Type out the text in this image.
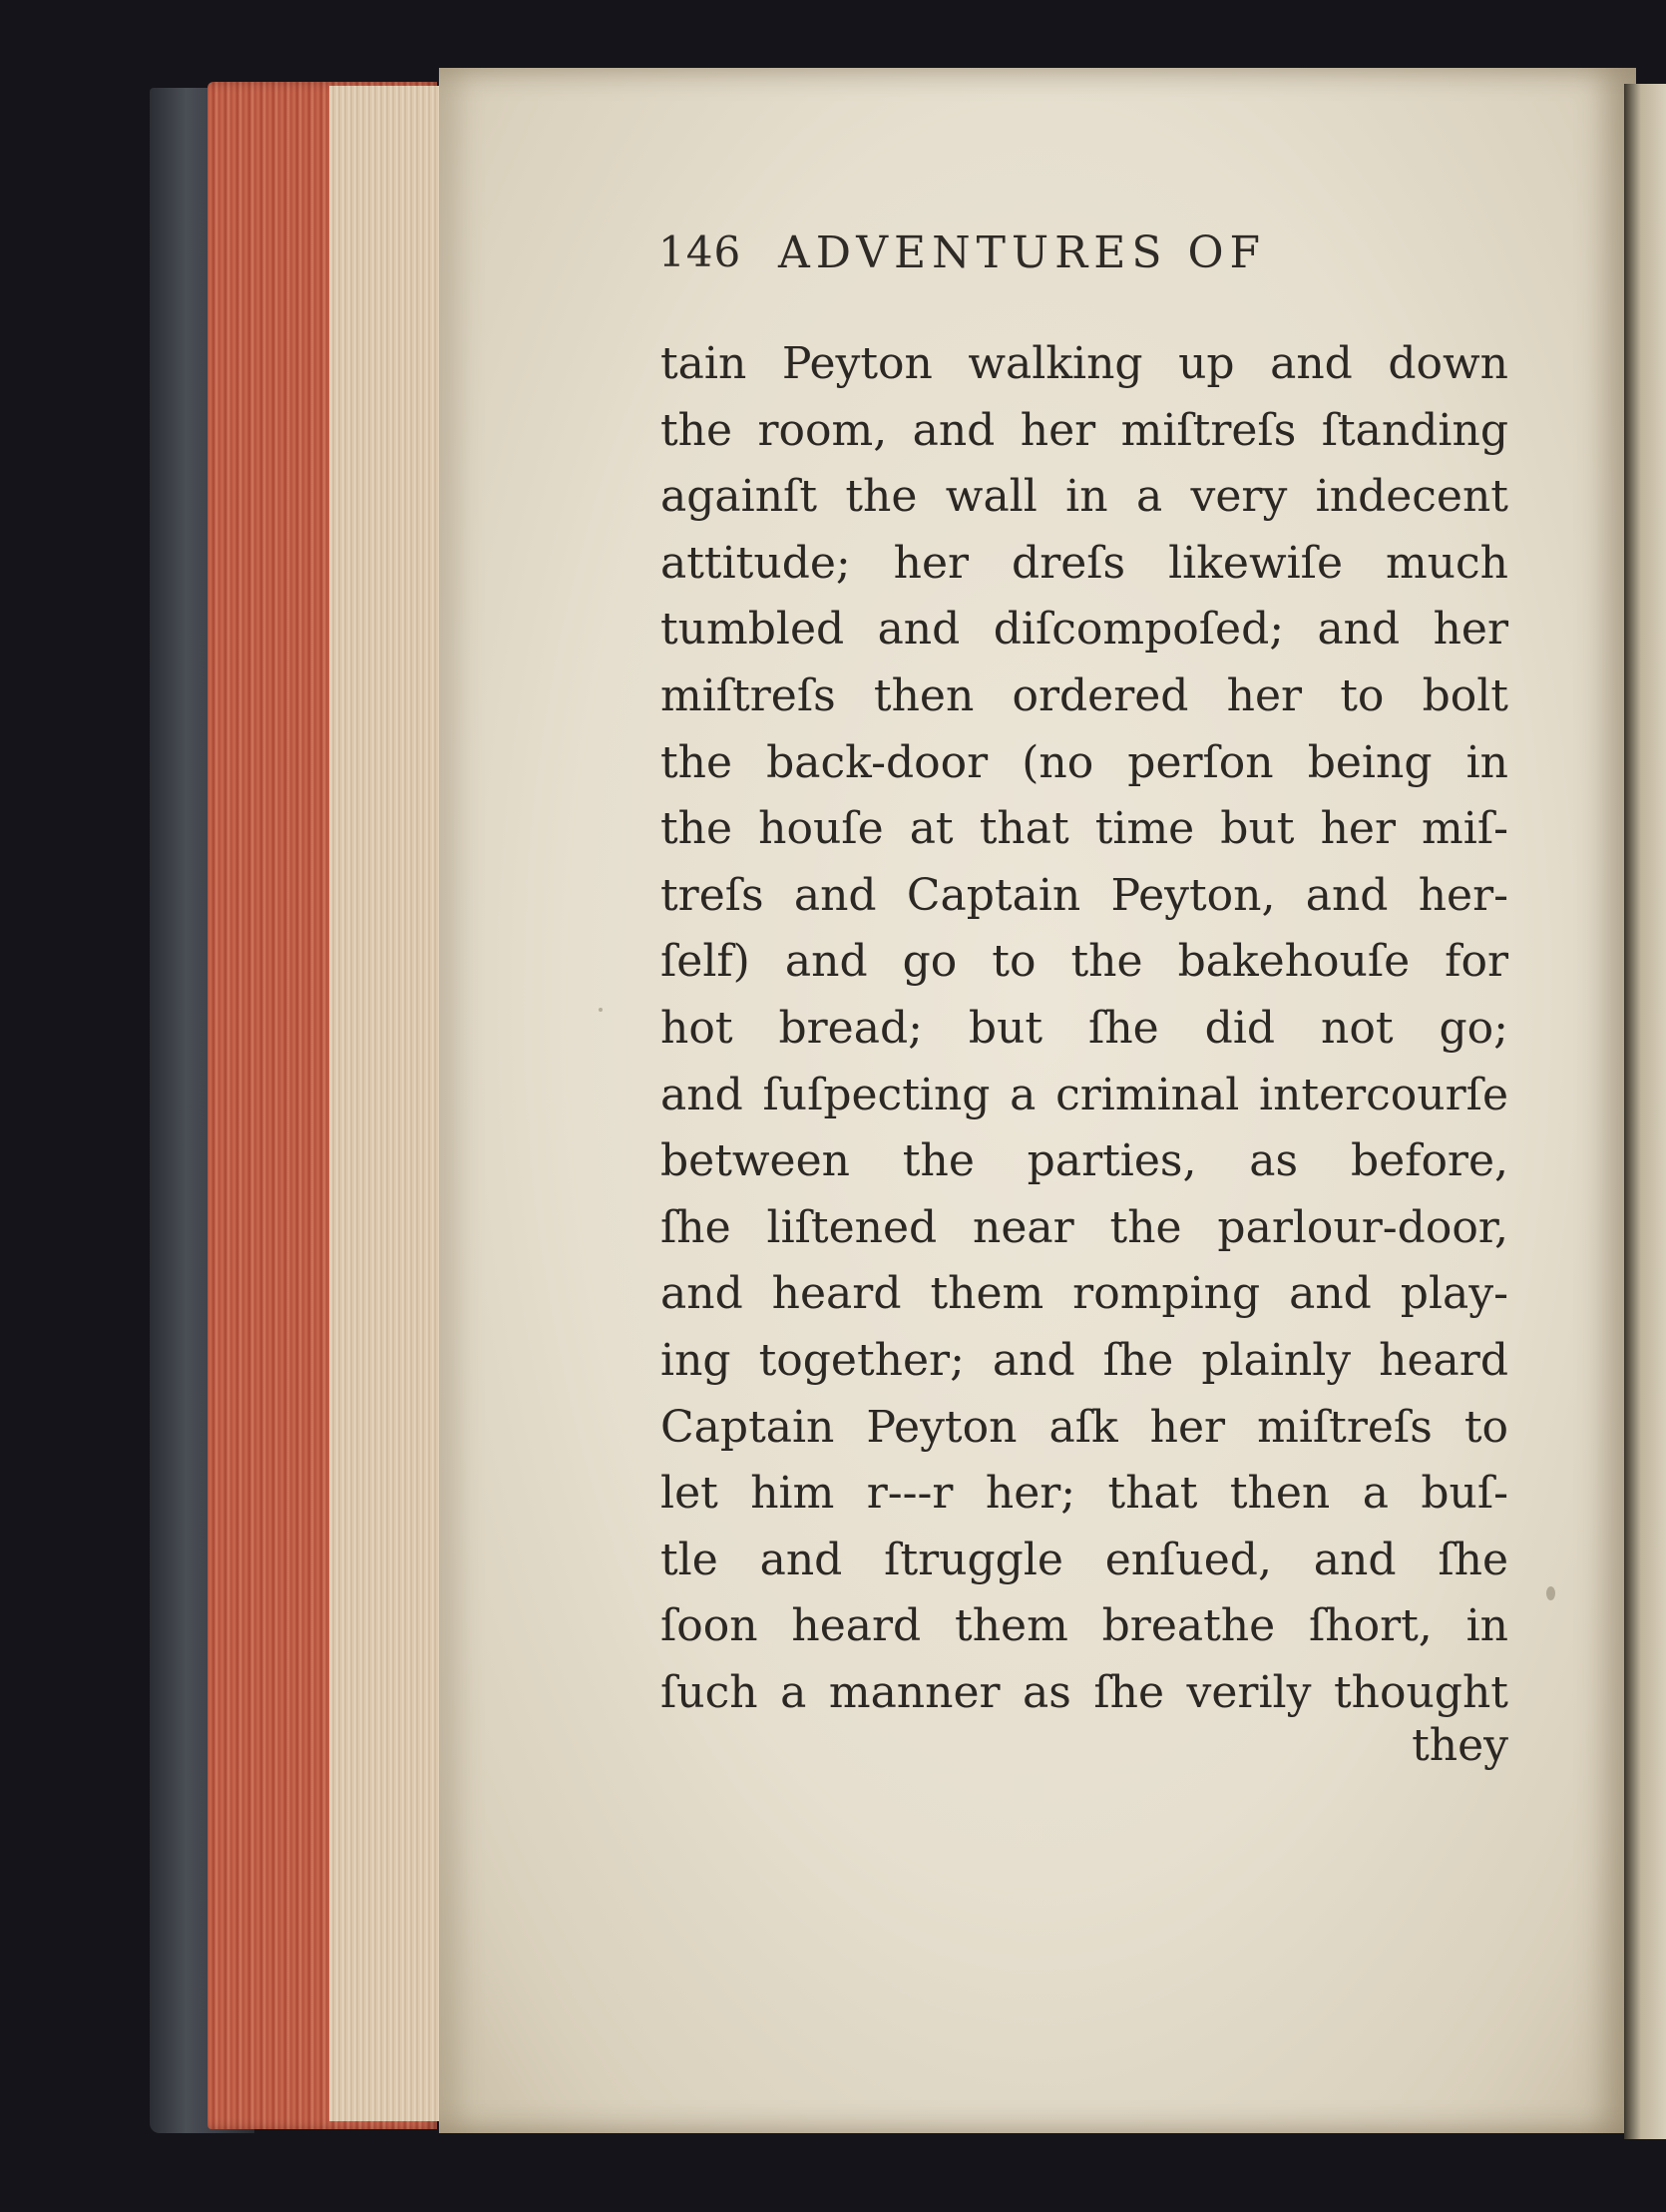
146 ADVENTURES OF
tain Peyton walking up and down
the room, and her miſtreſs ſtanding
againſt the wall in a very indecent
attitude; her dreſs likewiſe much
tumbled and diſcompoſed; and her
miſtreſs then ordered her to bolt
the back-door (no perſon being in
the houſe at that time but her miſ-
treſs and Captain Peyton, and her-
ſelf) and go to the bakehouſe for
hot bread; but ſhe did not go;
and ſuſpecting a criminal intercourſe
between the parties, as before,
ſhe liſtened near the parlour-door,
and heard them romping and play-
ing together; and ſhe plainly heard
Captain Peyton aſk her miſtreſs to
let him r---r her; that then a buſ-
tle and ſtruggle enſued, and ſhe
ſoon heard them breathe ſhort, in
ſuch a manner as ſhe verily thought
they
